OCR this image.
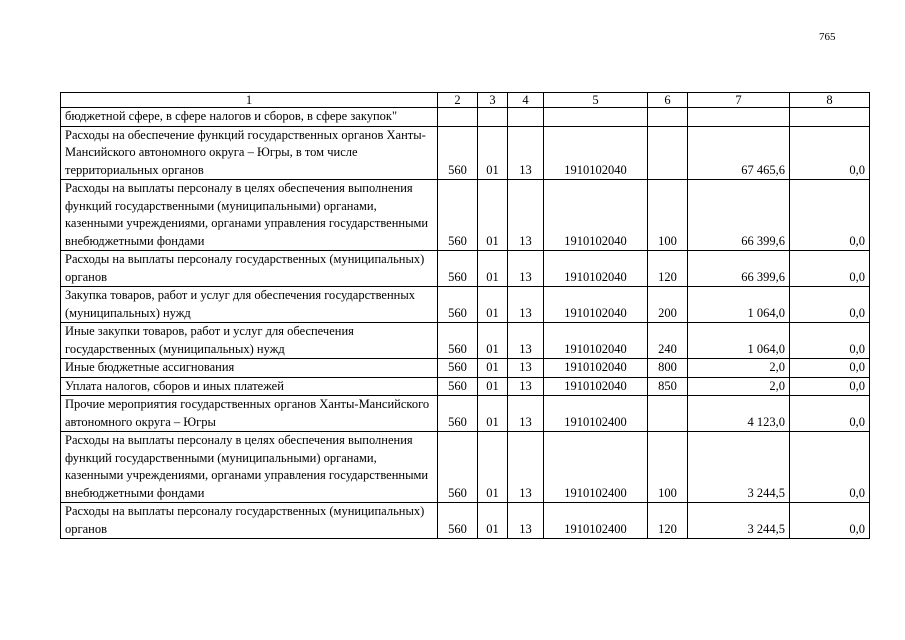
765
1	2	3	4	5	6	7	8
бюджетной сфере, в сфере налогов и сборов, в сфере закупок"							
Расходы на обеспечение функций государственных органов Ханты-Мансийского автономного округа – Югры, в том числе территориальных органов	560	01	13	1910102040		67 465,6	0,0
Расходы на выплаты персоналу в целях обеспечения выполнения функций государственными (муниципальными) органами, казенными учреждениями, органами управления государственными внебюджетными фондами	560	01	13	1910102040	100	66 399,6	0,0
Расходы на выплаты персоналу государственных (муниципальных) органов	560	01	13	1910102040	120	66 399,6	0,0
Закупка товаров, работ и услуг для обеспечения государственных (муниципальных) нужд	560	01	13	1910102040	200	1 064,0	0,0
Иные закупки товаров, работ и услуг для обеспечения государственных (муниципальных) нужд	560	01	13	1910102040	240	1 064,0	0,0
Иные бюджетные ассигнования	560	01	13	1910102040	800	2,0	0,0
Уплата налогов, сборов и иных платежей	560	01	13	1910102040	850	2,0	0,0
Прочие мероприятия государственных органов Ханты-Мансийского автономного округа – Югры	560	01	13	1910102400		4 123,0	0,0
Расходы на выплаты персоналу в целях обеспечения выполнения функций государственными (муниципальными) органами, казенными учреждениями, органами управления государственными внебюджетными фондами	560	01	13	1910102400	100	3 244,5	0,0
Расходы на выплаты персоналу государственных (муниципальных) органов	560	01	13	1910102400	120	3 244,5	0,0
